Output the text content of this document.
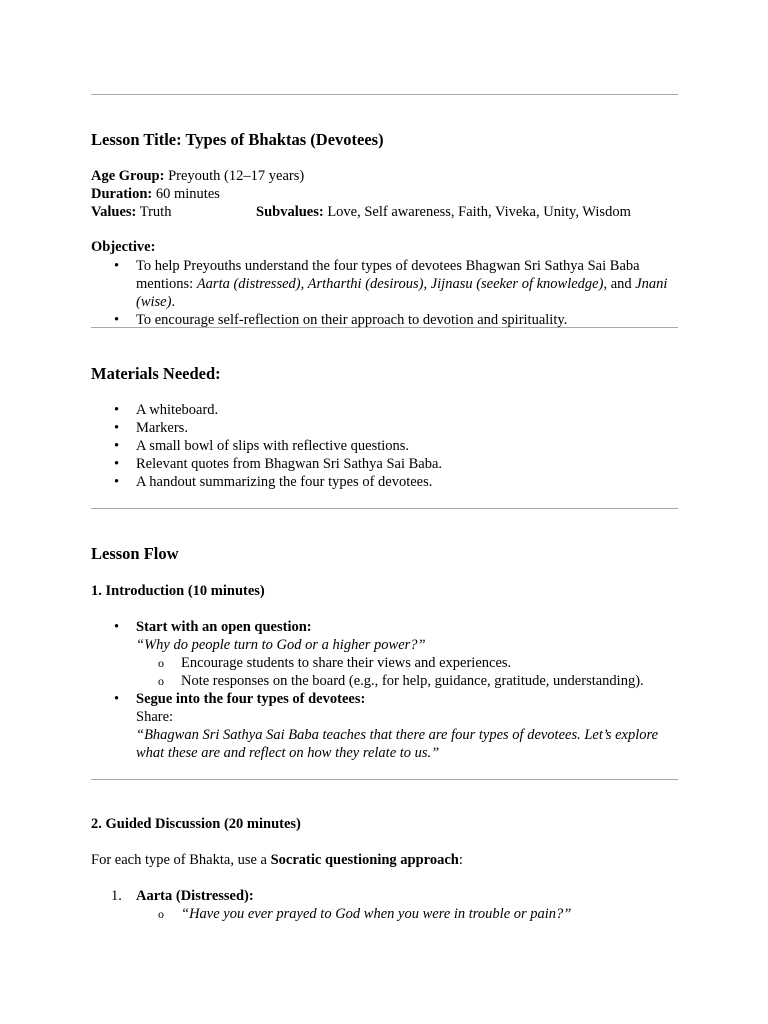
Lesson Title: Types of Bhaktas (Devotees)

Age Group: Preyouth (12–17 years)

Duration: 60 minutes

Values: Truth	Subvalues: Love, Self awareness, Faith, Viveka, Unity, Wisdom

Objective:
• To help Preyouths understand the four types of devotees Bhagwan Sri Sathya Sai Baba mentions: Aarta (distressed), Artharthi (desirous), Jijnasu (seeker of knowledge), and Jnani (wise).
• To encourage self-reflection on their approach to devotion and spirituality.
Materials Needed:
• A whiteboard.
• Markers.
• A small bowl of slips with reflective questions.
• Relevant quotes from Bhagwan Sri Sathya Sai Baba.
• A handout summarizing the four types of devotees.
Lesson Flow
1. Introduction (10 minutes)
• Start with an open question:
“Why do people turn to God or a higher power?”
o Encourage students to share their views and experiences.
o Note responses on the board (e.g., for help, guidance, gratitude, understanding).
• Segue into the four types of devotees:
Share:
“Bhagwan Sri Sathya Sai Baba teaches that there are four types of devotees. Let’s explore what these are and reflect on how they relate to us.”
2. Guided Discussion (20 minutes)

For each type of Bhakta, use a Socratic questioning approach:

1. Aarta (Distressed):
o “Have you ever prayed to God when you were in trouble or pain?”
